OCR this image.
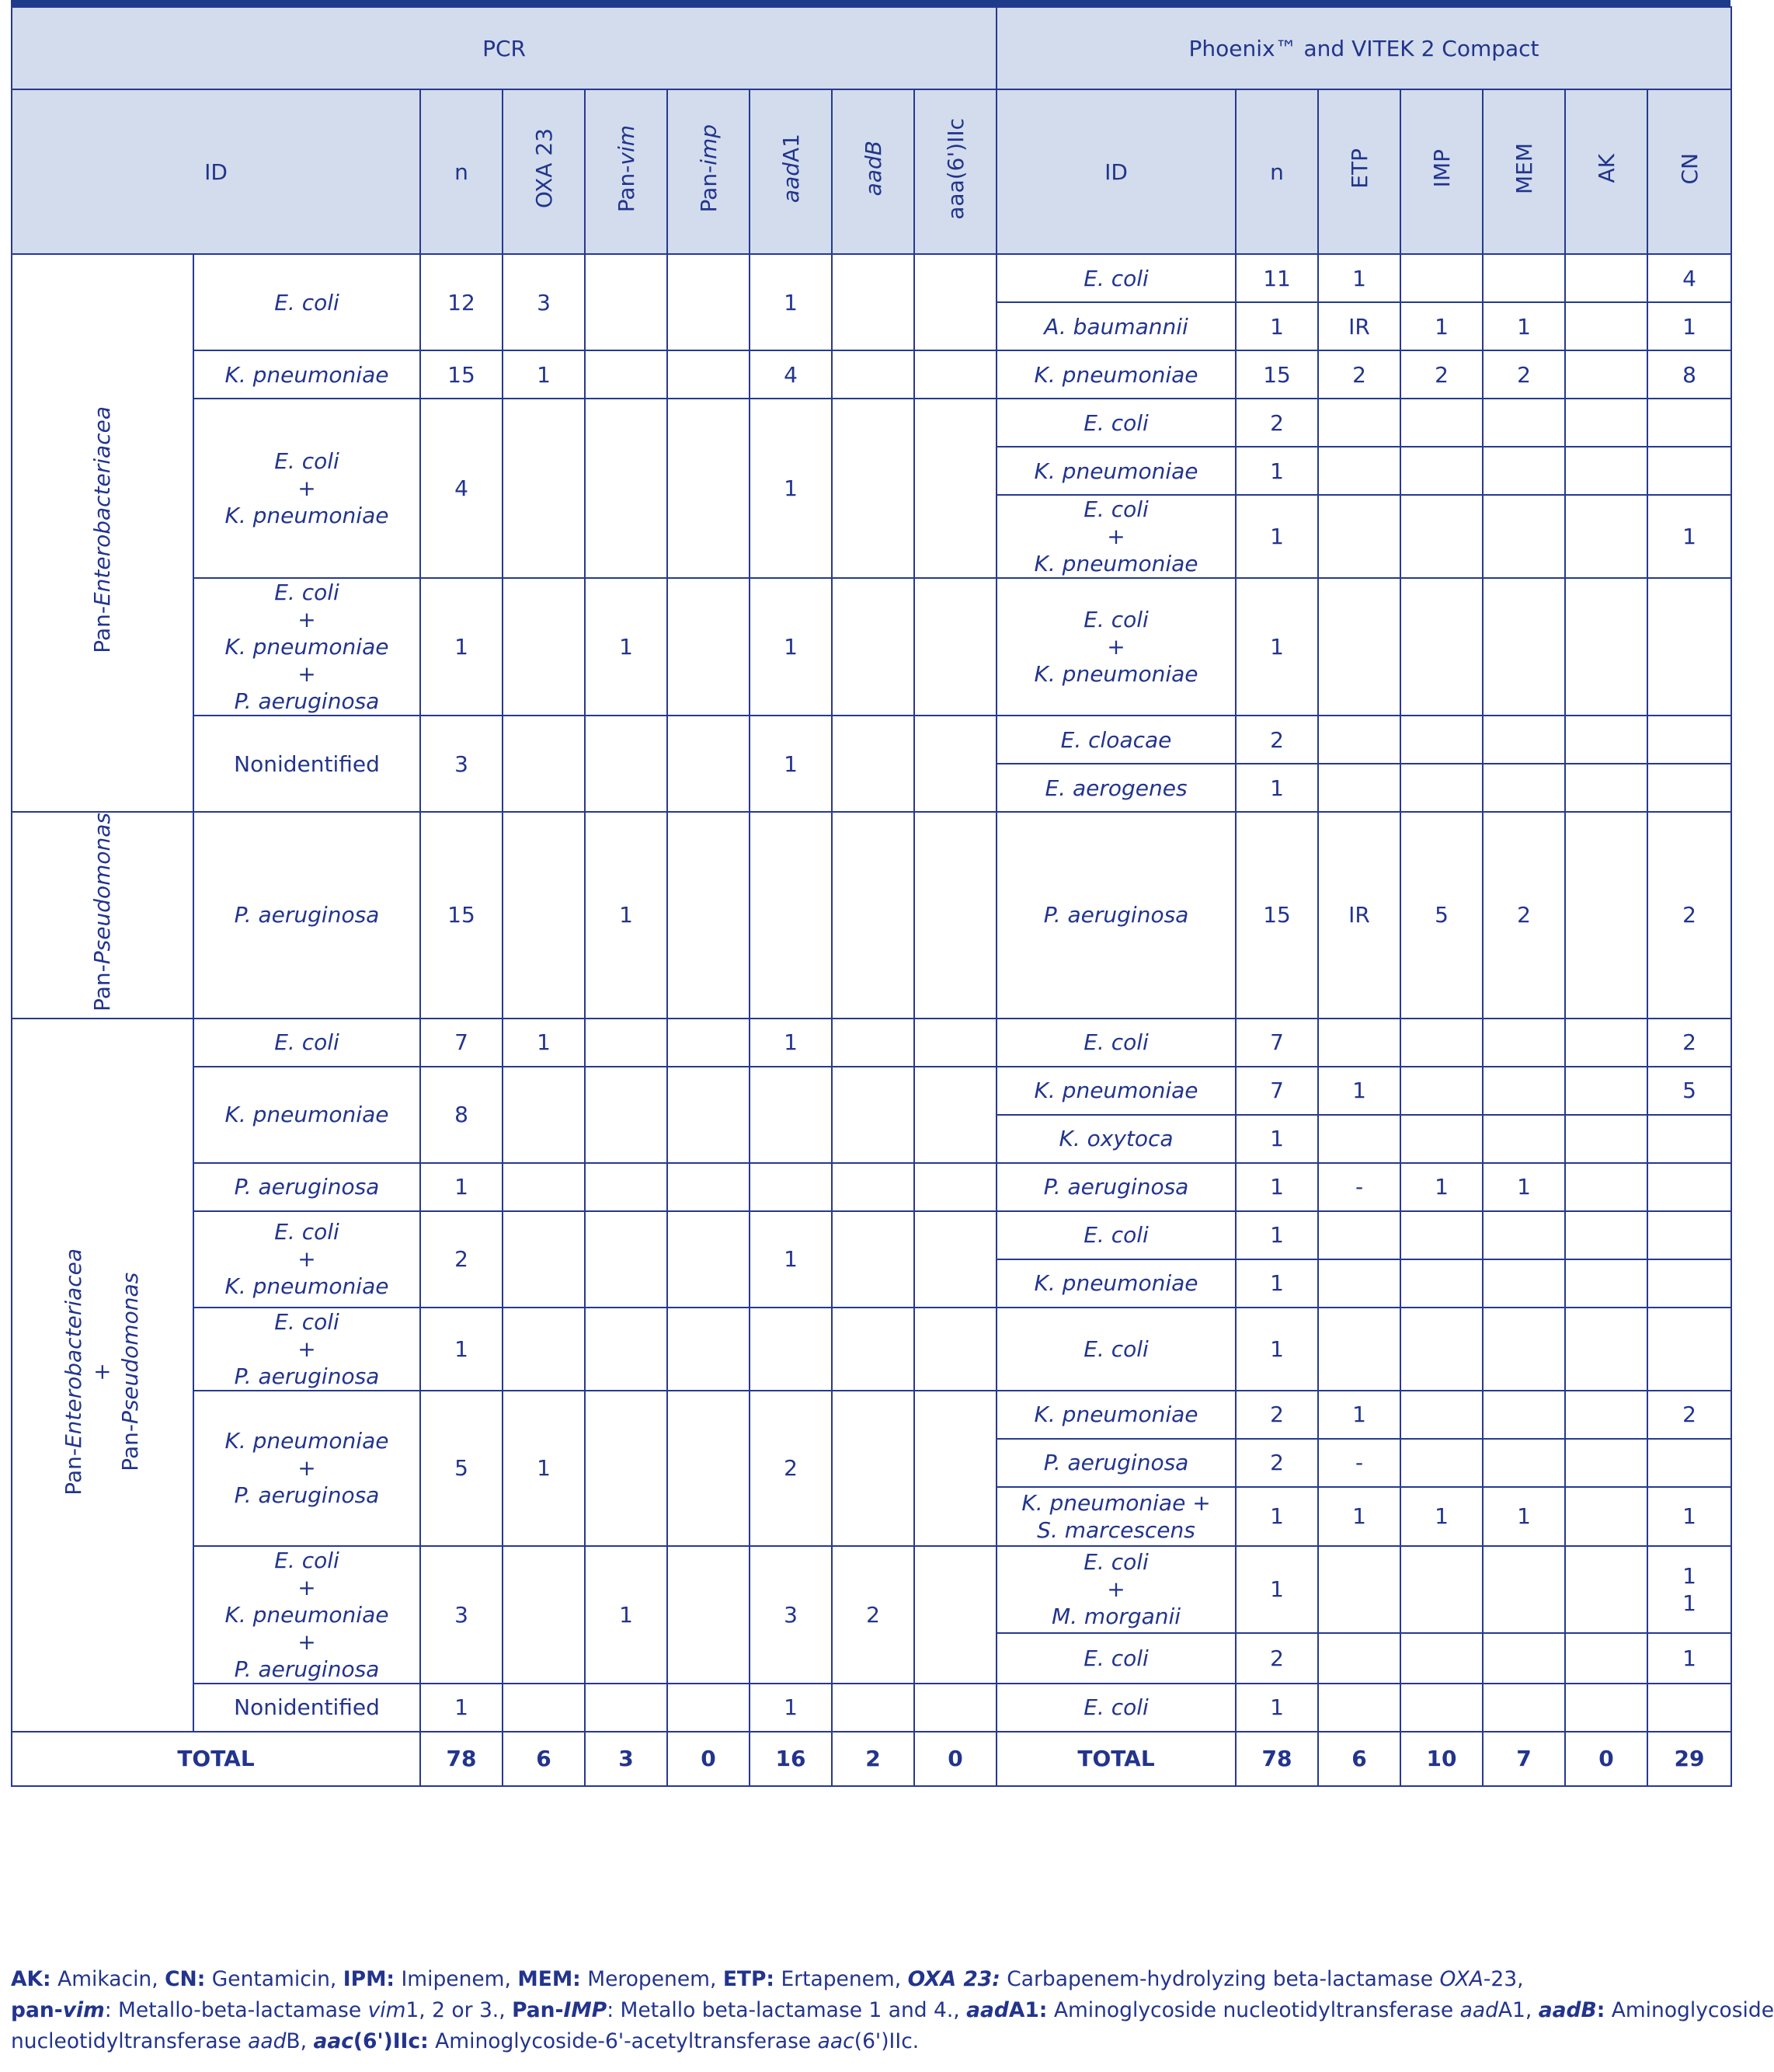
PCR									Phoenix™ and VITEK 2 Compact						
ID		n	OXA 23	Pan-vim	Pan-imp	aadA1	aadB	aaa(6')IIc	ID	n	ETP	IMP	MEM	AK	CN
Pan-Enterobacteriacea	E. coli	12	3			1			E. coli	11	1				4
									A. baumannii	1	IR	1	1		1
	K. pneumoniae	15	1			4			K. pneumoniae	15	2	2	2		8

	E. coli
+
K. pneumoniae	4				1			E. coli	2					
									K. pneumoniae	1					

									E. coli
+
K. pneumoniae	1					1

	E. coli
+
K. pneumoniae
+
P. aeruginosa	1		1		1			E. coli
+
K. pneumoniae	1					
	Nonidentified	3				1			E. cloacae	2					
									E. aerogenes	1					
Pan-Pseudomonas	P. aeruginosa	15		1					P. aeruginosa	15	IR	5	2		2

Pan-Enterobacteriacea +
Pan-Pseudomonas	E. coli	7	1			1			E. coli	7					2
	K. pneumoniae	8							K. pneumoniae	7	1				5
									K. oxytoca	1					
	P. aeruginosa	1							P. aeruginosa	1	-	1	1		

	E. coli
+
K. pneumoniae	2				1			E. coli	1					
									K. pneumoniae	1					

	E. coli
+
P. aeruginosa	1							E. coli	1					

	K. pneumoniae
+
P. aeruginosa	5	1			2			K. pneumoniae	2	1				2
									P. aeruginosa	2	-				

									K. pneumoniae +
S. marcescens	1	1	1	1		1

	E. coli
+
K. pneumoniae
+
P. aeruginosa	3		1		3	2		E. coli
+
M. morganii	1					1
1

									E. coli	2					1
	Nonidentified	1				1			E. coli	1					
TOTAL		78	6	3	0	16	2	0	TOTAL	78	6	10	7	0	29

AK: Amikacin, CN: Gentamicin, IPM: Imipenem, MEM: Meropenem, ETP: Ertapenem, OXA 23: Carbapenem-hydrolyzing beta-lactamase OXA-23,
pan-vim: Metallo-beta-lactamase vim1, 2 or 3., Pan-IMP: Metallo beta-lactamase 1 and 4., aadA1: Aminoglycoside nucleotidyltransferase aadA1, aadB: Aminoglycoside
nucleotidyltransferase aadB, aac(6')IIc: Aminoglycoside-6'-acetyltransferase aac(6')IIc.
